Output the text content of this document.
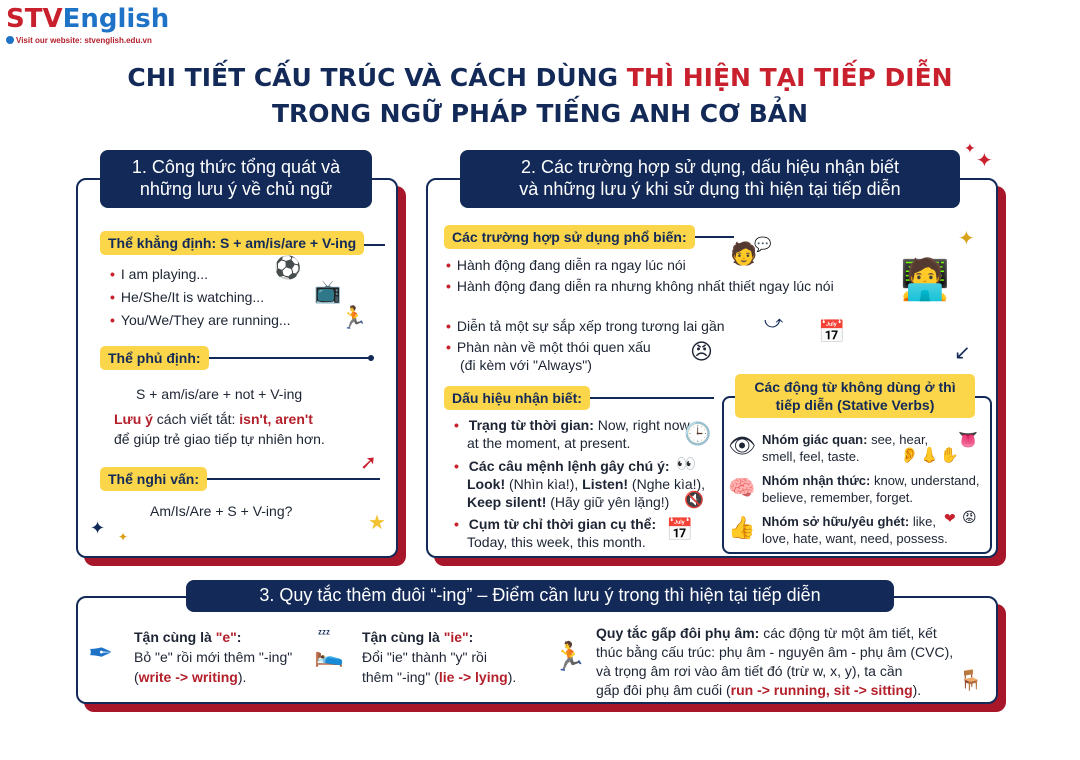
STVEnglish
Visit our website: stvenglish.edu.vn
CHI TIẾT CẤU TRÚC VÀ CÁCH DÙNG THÌ HIỆN TẠI TIẾP DIỄN
TRONG NGỮ PHÁP TIẾNG ANH CƠ BẢN
1. Công thức tổng quát và
những lưu ý về chủ ngữ
Thể khẳng định: S + am/is/are + V-ing
• I am playing...
• He/She/It is watching...
• You/We/They are running...
⚽
📺
🏃
Thể phủ định:
S + am/is/are + not + V-ing
Lưu ý cách viết tắt: isn't, aren't
để giúp trẻ giao tiếp tự nhiên hơn.
➚
Thể nghi vấn:
Am/Is/Are + S + V-ing?
✦ ✦
★
2. Các trường hợp sử dụng, dấu hiệu nhận biết
và những lưu ý khi sử dụng thì hiện tại tiếp diễn
✦
✦
✦
Các trường hợp sử dụng phổ biến:
🧑
💬
🧑‍💻
• Hành động đang diễn ra ngay lúc nói
• Hành động đang diễn ra nhưng không nhất thiết ngay lúc nói
• Diễn tả một sự sắp xếp trong tương lai gần
• Phàn nàn về một thói quen xấu
(đi kèm với "Always")
⤻ 📅
😠	↙
Dấu hiệu nhận biết:
• Trạng từ thời gian: Now, right now,
at the moment, at present. 🕒
• Các câu mệnh lệnh gây chú ý: 👀
Look! (Nhìn kìa!), Listen! (Nghe kìa!),
Keep silent! (Hãy giữ yên lặng!) 🔇
• Cụm từ chỉ thời gian cụ thể:
Today, this week, this month. 📅
Các động từ không dùng ở thì
tiếp diễn (Stative Verbs)
👁 Nhóm giác quan: see, hear,
smell, feel, taste.
👅
👂 👃 ✋
🧠 Nhóm nhận thức: know, understand,
believe, remember, forget.
👍 Nhóm sở hữu/yêu ghét: like, ❤ 😡
love, hate, want, need, possess.
3. Quy tắc thêm đuôi “-ing” – Điểm cần lưu ý trong thì hiện tại tiếp diễn
✒ Tận cùng là "e":
Bỏ "e" rồi mới thêm "-ing"
(write -> writing).
🛌
ᶻᶻᶻ Tận cùng là "ie":
Đổi "ie" thành "y" rồi
thêm "-ing" (lie -> lying).
🏃
Quy tắc gấp đôi phụ âm: các động từ một âm tiết, kết
thúc bằng cấu trúc: phụ âm - nguyên âm - phụ âm (CVC),
và trọng âm rơi vào âm tiết đó (trừ w, x, y), ta cần
gấp đôi phụ âm cuối (run -> running, sit -> sitting). 🪑
